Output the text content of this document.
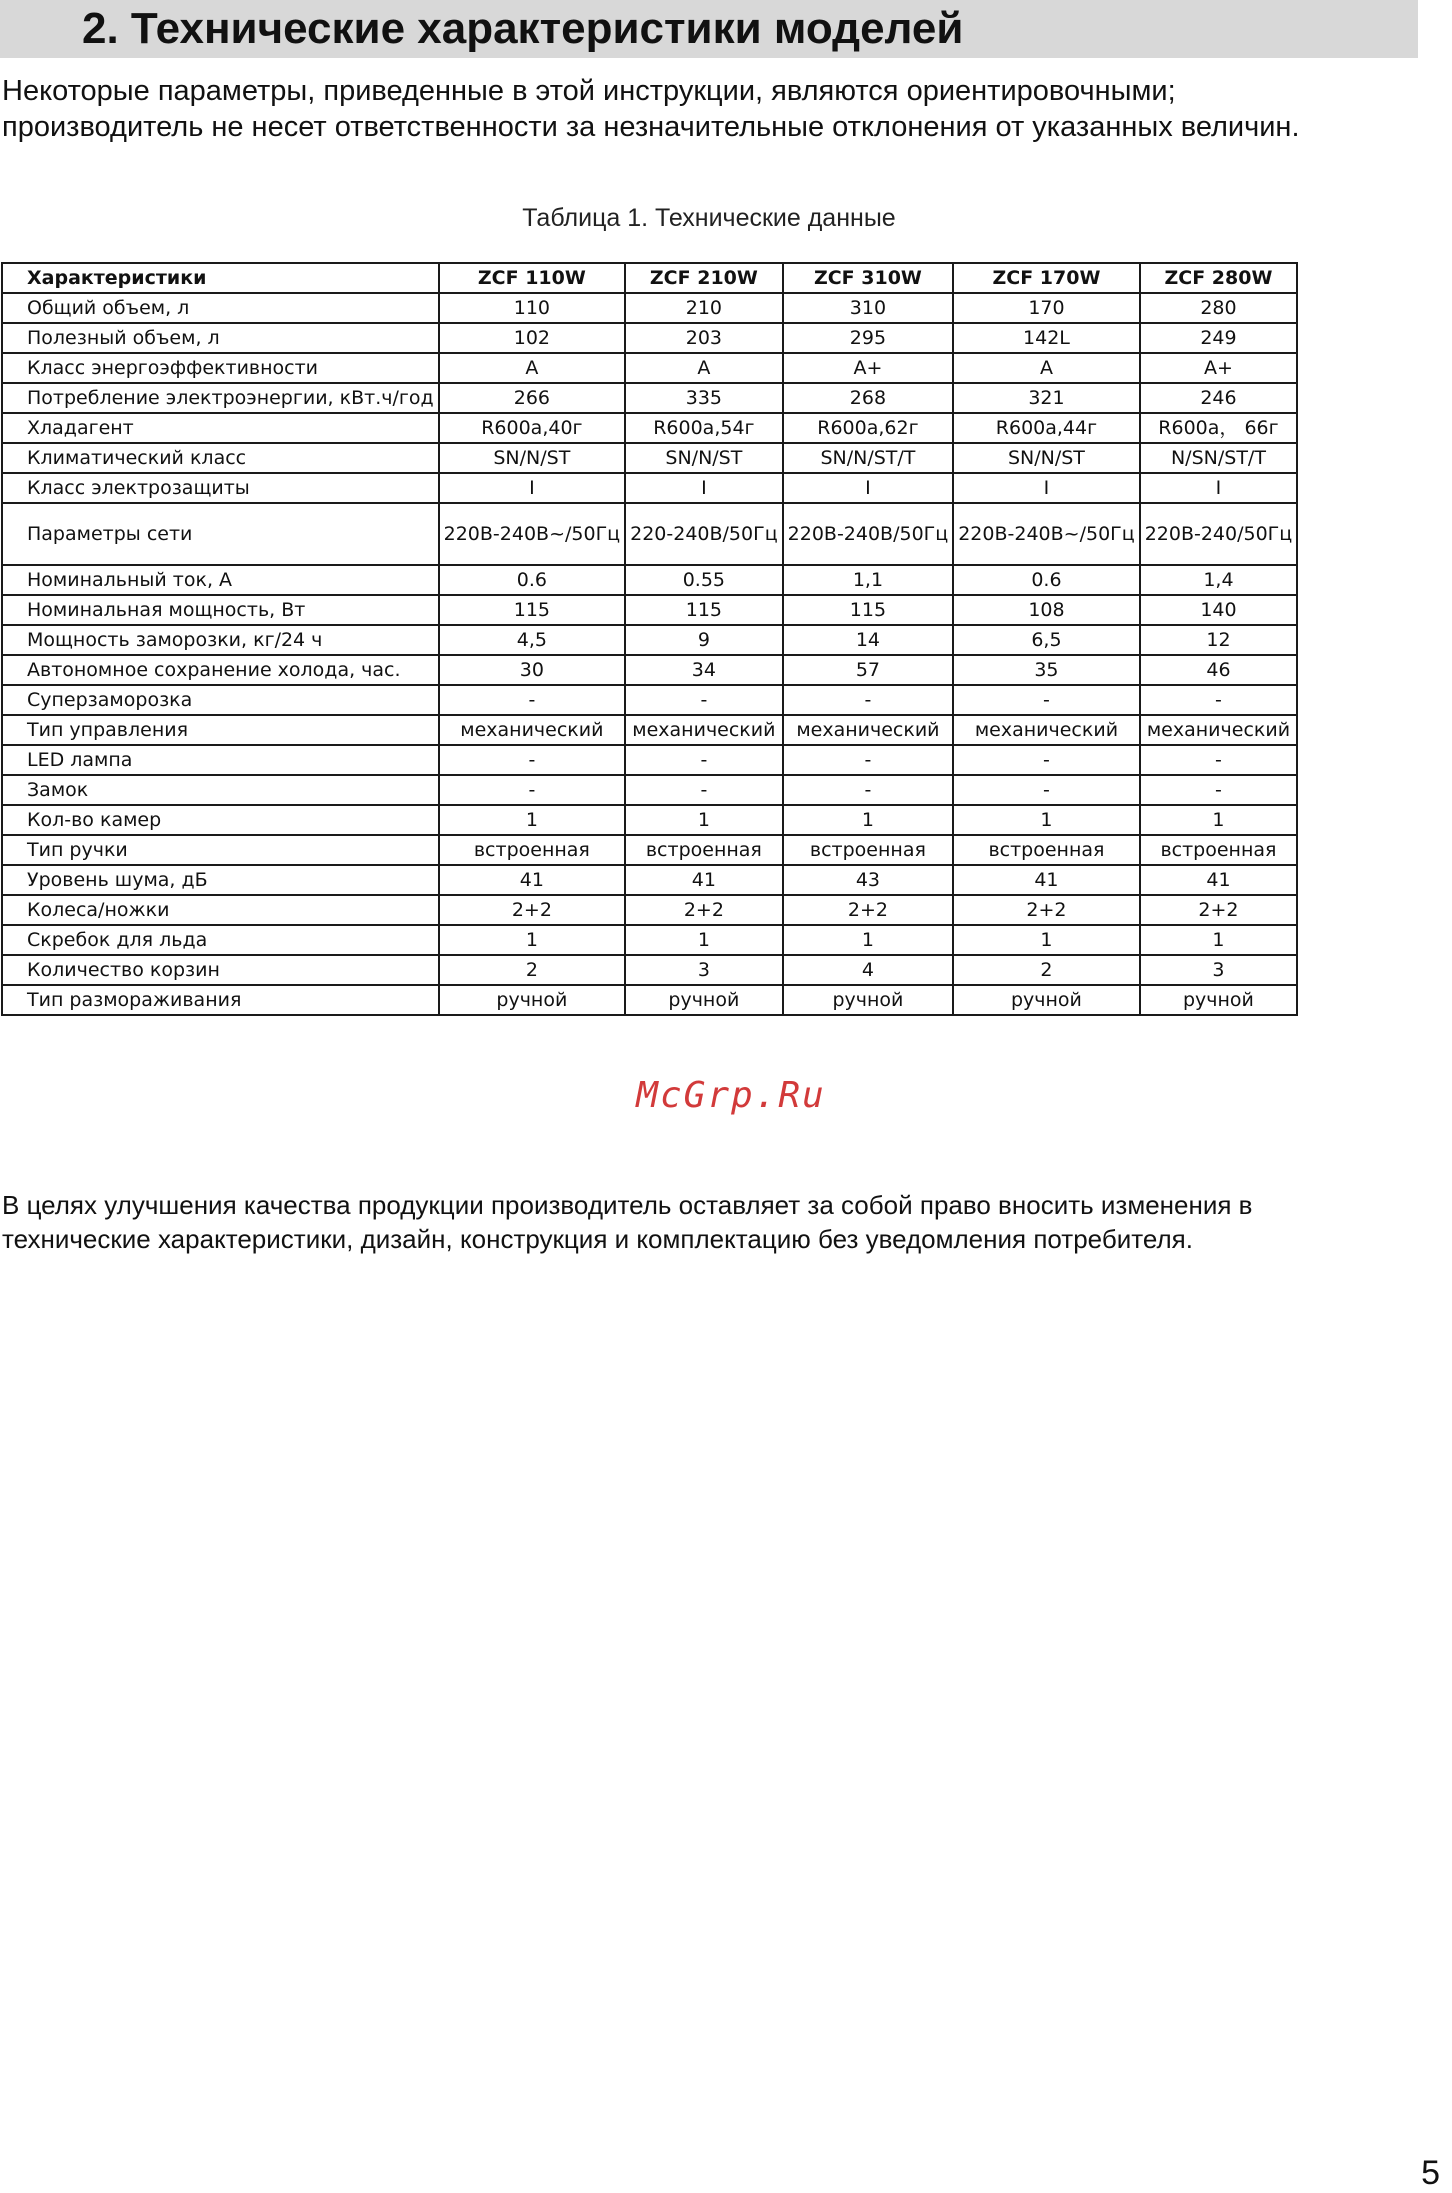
2. Технические характеристики моделей

Некоторые параметры, приведенные в этой инструкции, являются ориентировочными;

производитель не несет ответственности за незначительные отклонения от указанных величин.

Таблица 1. Технические данные
Характеристики	ZCF 110W	ZCF 210W	ZCF 310W	ZCF 170W	ZCF 280W
Общий объем, л	110	210	310	170	280
Полезный объем, л	102	203	295	142L	249
Класс энергоэффективности	A	A	A+	A	A+
Потребление электроэнергии, кВт.ч/год	266	335	268	321	246
Хладагент	R600a,40г	R600a,54г	R600a,62г	R600a,44г	R600a， 66г
Климатический класс	SN/N/ST	SN/N/ST	SN/N/ST/T	SN/N/ST	N/SN/ST/T
Класс электрозащиты	I	I	I	I	I
Параметры сети	220В-240В~/50Гц	220-240В/50Гц	220В-240В/50Гц	220В-240В~/50Гц	220В-240/50Гц
Номинальный ток, А	0.6	0.55	1,1	0.6	1,4
Номинальная мощность, Вт	115	115	115	108	140
Мощность заморозки, кг/24 ч	4,5	9	14	6,5	12
Автономное сохранение холода, час.	30	34	57	35	46
Суперзаморозка	-	-	-	-	-
Тип управления	механический	механический	механический	механический	механический
LED лампа	-	-	-	-	-
Замок	-	-	-	-	-
Кол-во камер	1	1	1	1	1
Тип ручки	встроенная	встроенная	встроенная	встроенная	встроенная
Уровень шума, дБ	41	41	43	41	41
Колеса/ножки	2+2	2+2	2+2	2+2	2+2
Скребок для льда	1	1	1	1	1
Количество корзин	2	3	4	2	3
Тип размораживания	ручной	ручной	ручной	ручной	ручной
McGrp.Ru

В целях улучшения качества продукции производитель оставляет за собой право вносить изменения в

технические характеристики, дизайн, конструкция и комплектацию без уведомления потребителя.

5
